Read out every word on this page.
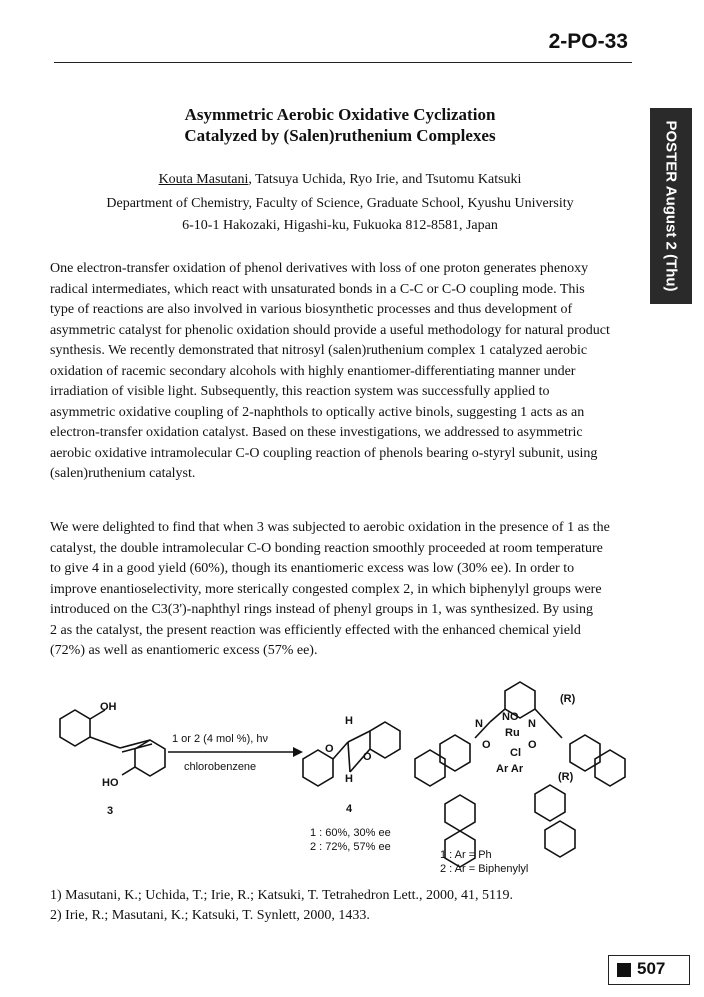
2-PO-33
POSTER August 2 (Thu)
Asymmetric Aerobic Oxidative Cyclization
Catalyzed by (Salen)ruthenium Complexes
Kouta Masutani, Tatsuya Uchida, Ryo Irie, and Tsutomu Katsuki
Department of Chemistry, Faculty of Science, Graduate School, Kyushu University
6-10-1 Hakozaki, Higashi-ku, Fukuoka 812-8581, Japan
One electron-transfer oxidation of phenol derivatives with loss of one proton generates phenoxy
radical intermediates, which react with unsaturated bonds in a C-C or C-O coupling mode. This
type of reactions are also involved in various biosynthetic processes and thus development of
asymmetric catalyst for phenolic oxidation should provide a useful methodology for natural product
synthesis. We recently demonstrated that nitrosyl (salen)ruthenium complex 1 catalyzed aerobic
oxidation of racemic secondary alcohols with highly enantiomer-differentiating manner under
irradiation of visible light. Subsequently, this reaction system was successfully applied to
asymmetric oxidative coupling of 2-naphthols to optically active binols, suggesting 1 acts as an
electron-transfer oxidation catalyst. Based on these investigations, we addressed to asymmetric
aerobic oxidative intramolecular C-O coupling reaction of phenols bearing o-styryl subunit, using
(salen)ruthenium catalyst.
We were delighted to find that when 3 was subjected to aerobic oxidation in the presence of 1 as the
catalyst, the double intramolecular C-O bonding reaction smoothly proceeded at room temperature
to give 4 in a good yield (60%), though its enantiomeric excess was low (30% ee). In order to
improve enantioselectivity, more sterically congested complex 2, in which biphenylyl groups were
introduced on the C3(3')-naphthyl rings instead of phenyl groups in 1, was synthesized. By using
2 as the catalyst, the present reaction was efficiently effected with the enhanced chemical yield
(72%) as well as enantiomeric excess (57% ee).
OH
HO
3
1 or 2 (4 mol %), hν
chlorobenzene
O
O
H
H
4
1 : 60%, 30% ee
2 : 72%, 57% ee
(R)
(R)
NO
N	N
Ru
Cl
O	O
Ar Ar
1 : Ar = Ph
2 : Ar = Biphenylyl
1) Masutani, K.; Uchida, T.; Irie, R.; Katsuki, T. Tetrahedron Lett., 2000, 41, 5119.
2) Irie, R.; Masutani, K.; Katsuki, T. Synlett, 2000, 1433.
507
